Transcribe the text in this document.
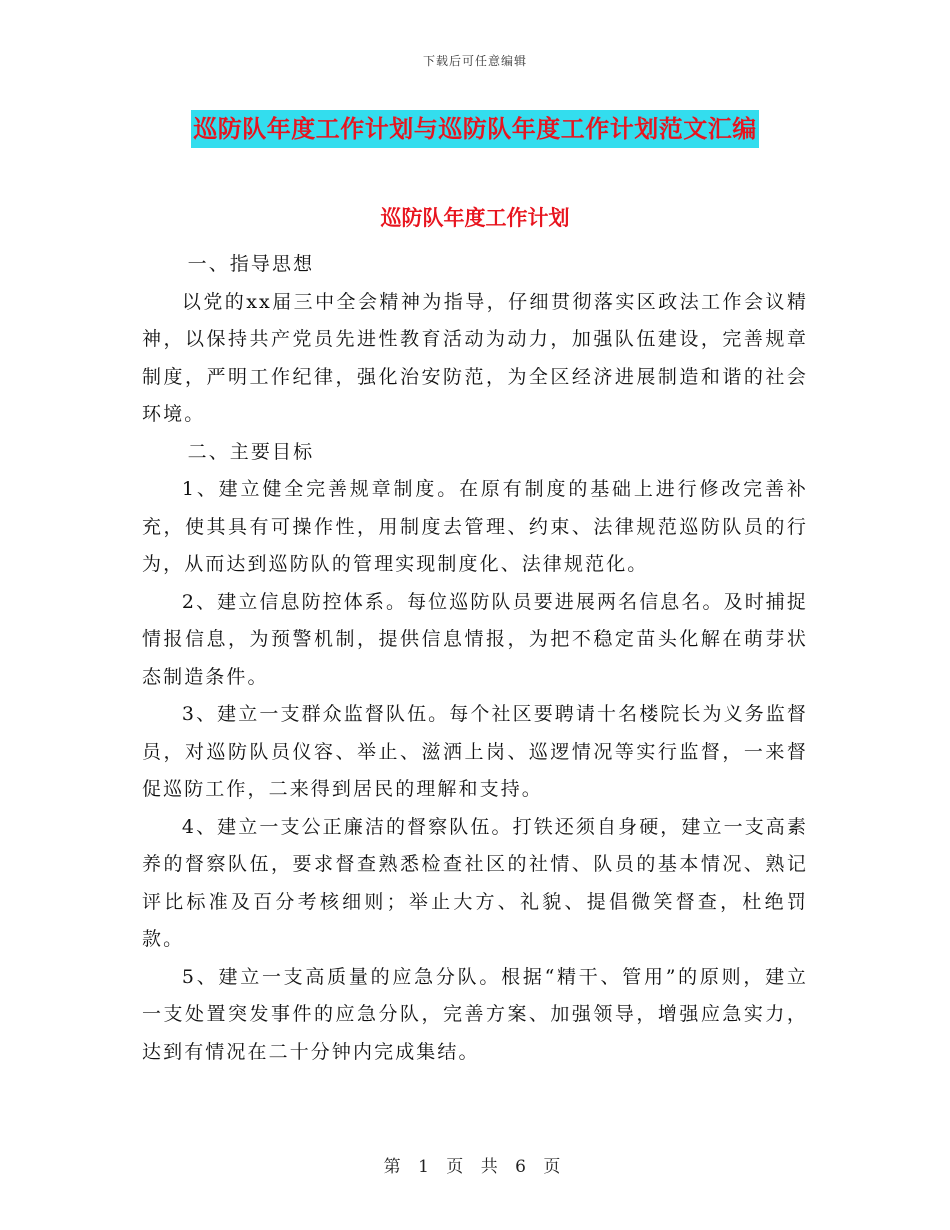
下载后可任意编辑
巡防队年度工作计划与巡防队年度工作计划范文汇编
巡防队年度工作计划

一、指导思想

以党的xx届三中全会精神为指导，仔细贯彻落实区政法工作会议精神，以保持共产党员先进性教育活动为动力，加强队伍建设，完善规章制度，严明工作纪律，强化治安防范，为全区经济进展制造和谐的社会环境。

二、主要目标

1、建立健全完善规章制度。在原有制度的基础上进行修改完善补充，使其具有可操作性，用制度去管理、约束、法律规范巡防队员的行为，从而达到巡防队的管理实现制度化、法律规范化。

2、建立信息防控体系。每位巡防队员要进展两名信息名。及时捕捉情报信息，为预警机制，提供信息情报，为把不稳定苗头化解在萌芽状态制造条件。

3、建立一支群众监督队伍。每个社区要聘请十名楼院长为义务监督员，对巡防队员仪容、举止、滋洒上岗、巡逻情况等实行监督，一来督促巡防工作，二来得到居民的理解和支持。

4、建立一支公正廉洁的督察队伍。打铁还须自身硬，建立一支高素养的督察队伍，要求督查熟悉检查社区的社情、队员的基本情况、熟记评比标准及百分考核细则；举止大方、礼貌、提倡微笑督查，杜绝罚款。

5、建立一支高质量的应急分队。根据“精干、管用”的原则，建立一支处置突发事件的应急分队，完善方案、加强领导，增强应急实力，达到有情况在二十分钟内完成集结。

第 1 页 共 6 页
